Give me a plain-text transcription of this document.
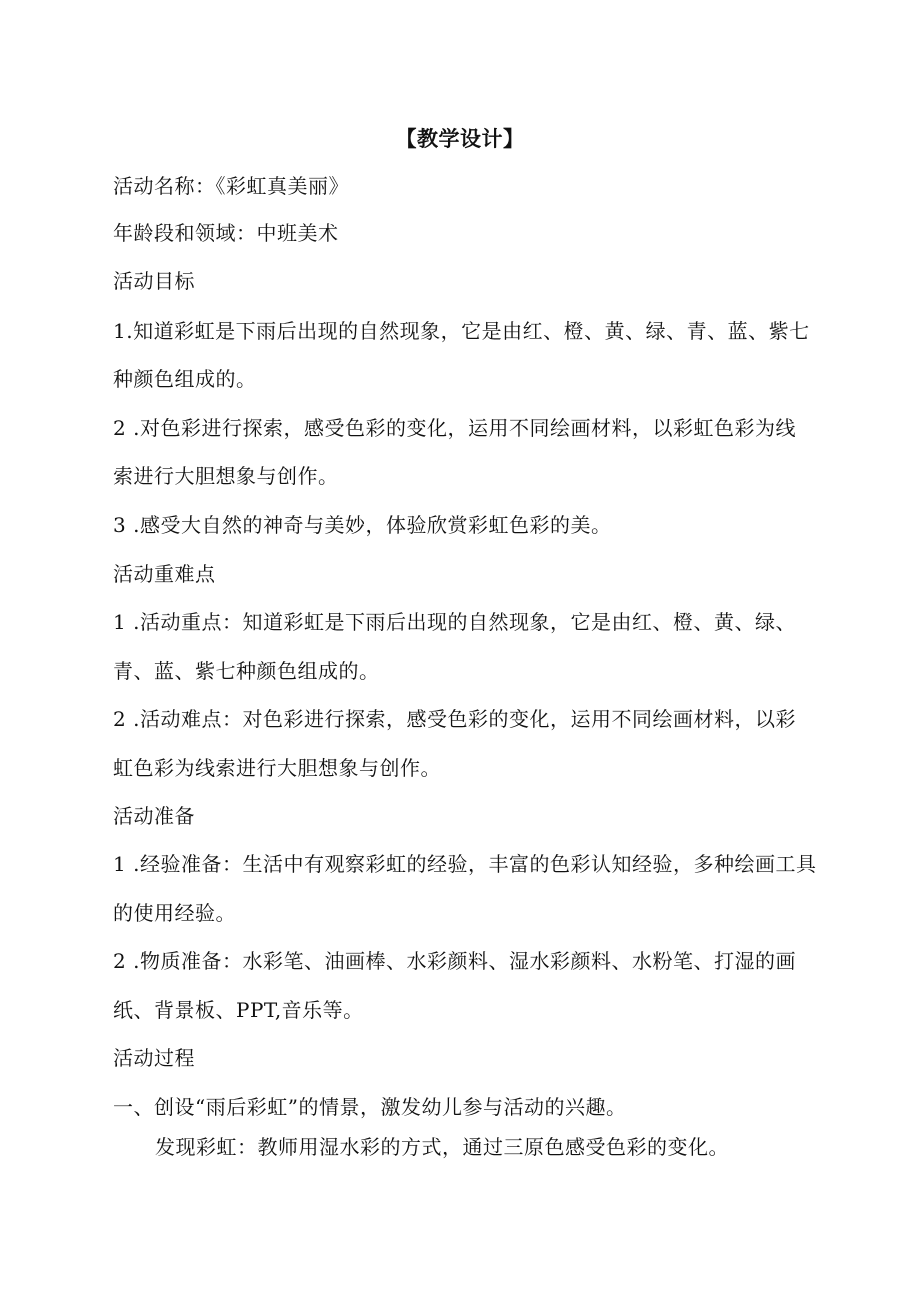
【教学设计】
活动名称：《彩虹真美丽》
年龄段和领域：中班美术
活动目标
1.知道彩虹是下雨后出现的自然现象，它是由红、橙、黄、绿、青、蓝、紫七
种颜色组成的。
2 .对色彩进行探索，感受色彩的变化，运用不同绘画材料，以彩虹色彩为线
索进行大胆想象与创作。
3 .感受大自然的神奇与美妙，体验欣赏彩虹色彩的美。
活动重难点
1 .活动重点：知道彩虹是下雨后出现的自然现象，它是由红、橙、黄、绿、
青、蓝、紫七种颜色组成的。
2 .活动难点：对色彩进行探索，感受色彩的变化，运用不同绘画材料，以彩
虹色彩为线索进行大胆想象与创作。
活动准备
1 .经验准备：生活中有观察彩虹的经验，丰富的色彩认知经验，多种绘画工具
的使用经验。
2 .物质准备：水彩笔、油画棒、水彩颜料、湿水彩颜料、水粉笔、打湿的画
纸、背景板、PPT,音乐等。
活动过程
一、创设“雨后彩虹”的情景，激发幼儿参与活动的兴趣。
发现彩虹：教师用湿水彩的方式，通过三原色感受色彩的变化。
